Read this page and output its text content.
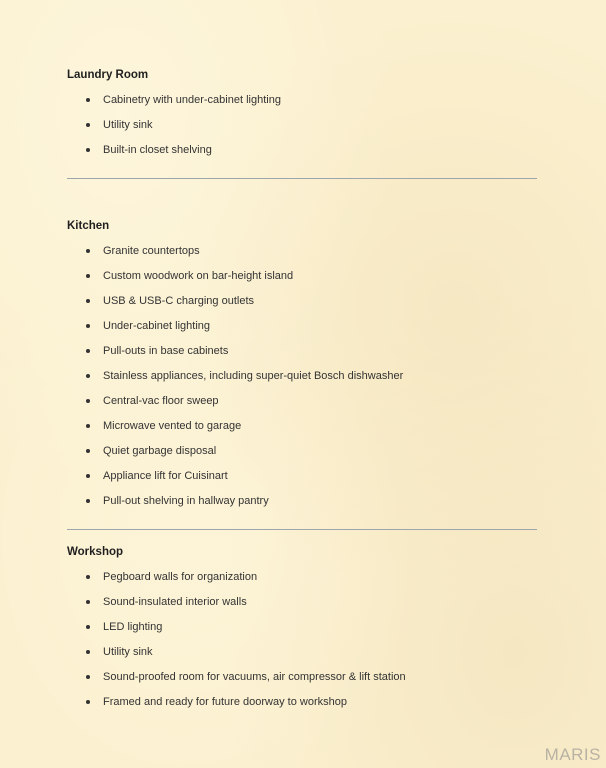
Laundry Room

Cabinetry with under-cabinet lighting
Utility sink
Built-in closet shelving

Kitchen

Granite countertops
Custom woodwork on bar-height island
USB & USB-C charging outlets
Under-cabinet lighting
Pull-outs in base cabinets
Stainless appliances, including super-quiet Bosch dishwasher
Central-vac floor sweep
Microwave vented to garage
Quiet garbage disposal
Appliance lift for Cuisinart
Pull-out shelving in hallway pantry

Workshop

Pegboard walls for organization
Sound-insulated interior walls
LED lighting
Utility sink
Sound-proofed room for vacuums, air compressor & lift station
Framed and ready for future doorway to workshop
MARIS
